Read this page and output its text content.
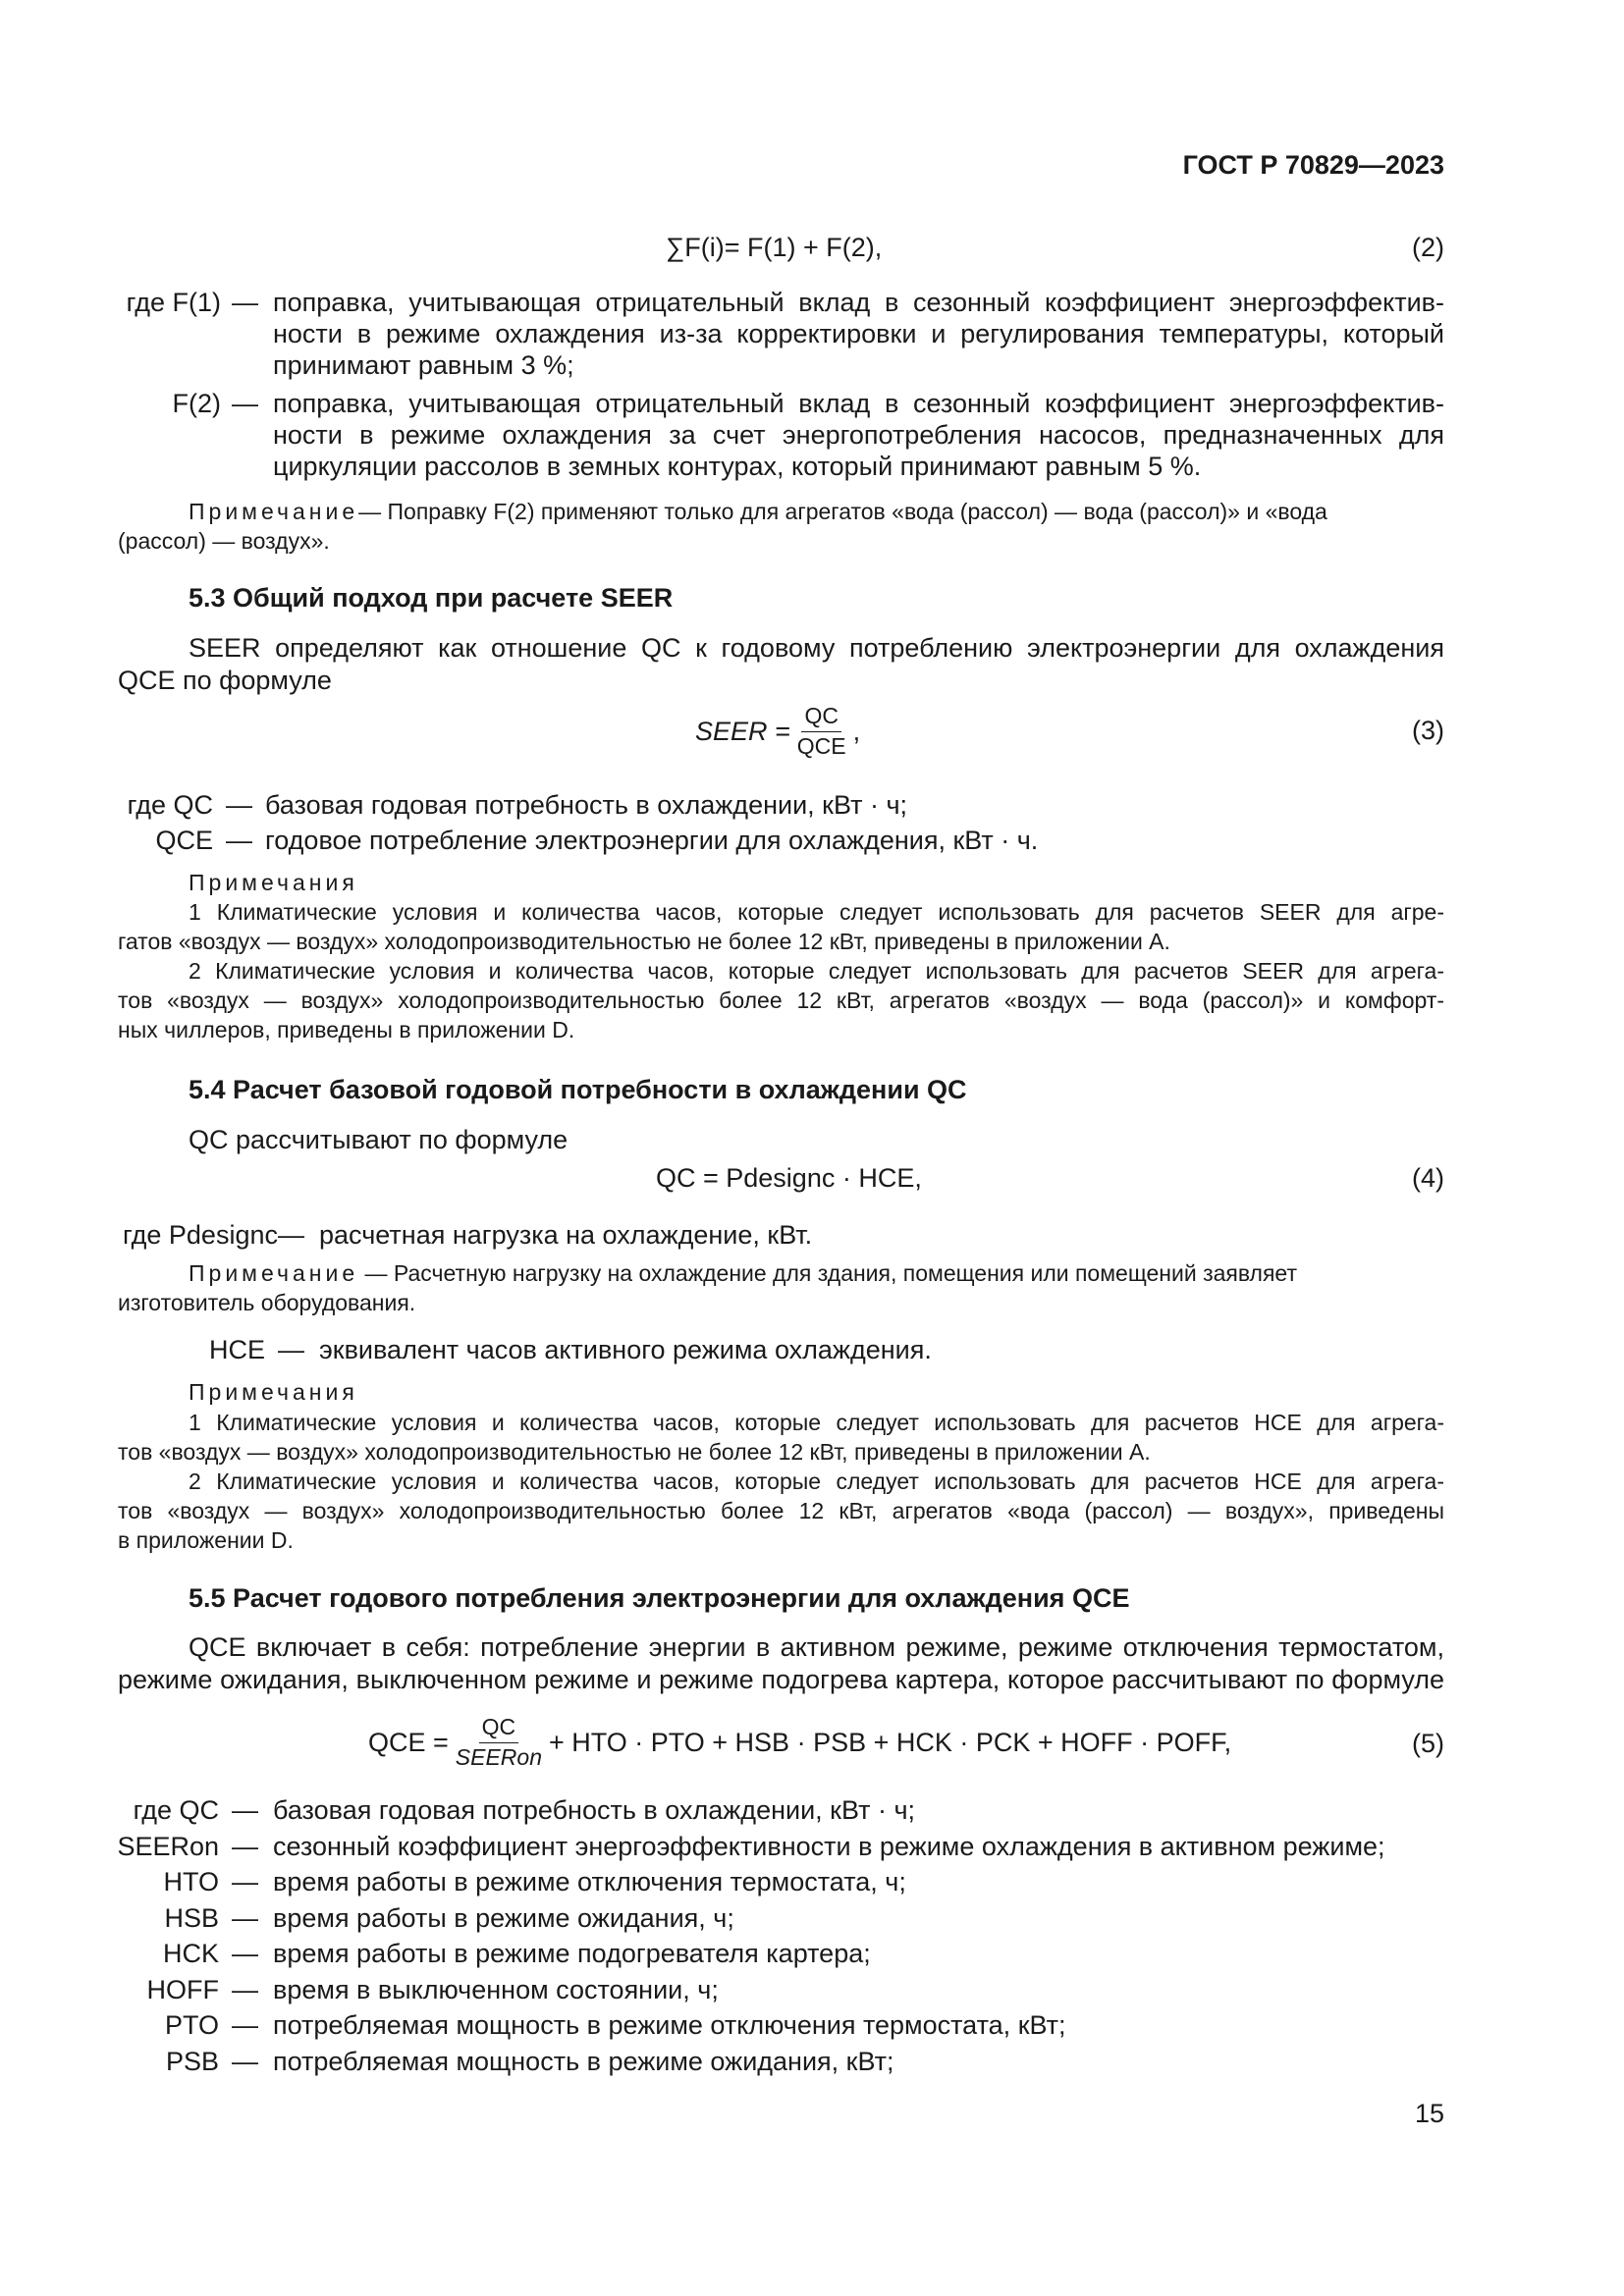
ГОСТ Р 70829—2023
∑F(i)= F(1) + F(2),	(2)
где F(1) — поправка, учитывающая отрицательный вклад в сезонный коэффициент энергоэффектив-
ности в режиме охлаждения из-за корректировки и регулирования температуры, который
принимают равным 3 %;
F(2) — поправка, учитывающая отрицательный вклад в сезонный коэффициент энергоэффектив-
ности в режиме охлаждения за счет энергопотребления насосов, предназначенных для
циркуляции рассолов в земных контурах, который принимают равным 5 %.
Примечание— Поправку F(2) применяют только для агрегатов «вода (рассол) — вода (рассол)» и «вода
(рассол) — воздух».
5.3 Общий подход при расчете SEER
SEER определяют как отношение QC к годовому потреблению электроэнергии для охлаждения
QCE по формуле
SEER = $\frac{QC}{\text{QCE}}$ ,	(3)
где QC — базовая годовая потребность в охлаждении, кВт · ч;
QCE — годовое потребление электроэнергии для охлаждения, кВт · ч.
Примечания
1 Климатические условия и количества часов, которые следует использовать для расчетов SEER для агре-
гатов «воздух — воздух» холодопроизводительностью не более 12 кВт, приведены в приложении А.
2 Климатические условия и количества часов, которые следует использовать для расчетов SEER для агрега-
тов «воздух — воздух» холодопроизводительностью более 12 кВт, агрегатов «воздух — вода (рассол)» и комфорт-
ных чиллеров, приведены в приложении D.
5.4 Расчет базовой годовой потребности в охлаждении QC
QC рассчитывают по формуле
QC = Pdesignc · HCE,	(4)
где Pdesignc — расчетная нагрузка на охлаждение, кВт.
Примечание — Расчетную нагрузку на охлаждение для здания, помещения или помещений заявляет
изготовитель оборудования.
HCE — эквивалент часов активного режима охлаждения.
Примечания
1 Климатические условия и количества часов, которые следует использовать для расчетов HCE для агрега-
тов «воздух — воздух» холодопроизводительностью не более 12 кВт, приведены в приложении А.
2 Климатические условия и количества часов, которые следует использовать для расчетов HCE для агрега-
тов «воздух — воздух» холодопроизводительностью более 12 кВт, агрегатов «вода (рассол) — воздух», приведены
в приложении D.
5.5 Расчет годового потребления электроэнергии для охлаждения QCE
QCE включает в себя: потребление энергии в активном режиме, режиме отключения термостатом,
режиме ожидания, выключенном режиме и режиме подогрева картера, которое рассчитывают по формуле
QCE = $\frac{QC}{\text{SEERon}}$ + HTO · PTO + HSB · PSB + HCK · PCK + HOFF · POFF,	(5)
где QC — базовая годовая потребность в охлаждении, кВт · ч;
SEERon — сезонный коэффициент энергоэффективности в режиме охлаждения в активном режиме;
HTO — время работы в режиме отключения термостата, ч;
HSB — время работы в режиме ожидания, ч;
HCK — время работы в режиме подогревателя картера;
HOFF — время в выключенном состоянии, ч;
PTO — потребляемая мощность в режиме отключения термостата, кВт;
PSB — потребляемая мощность в режиме ожидания, кВт;
15
